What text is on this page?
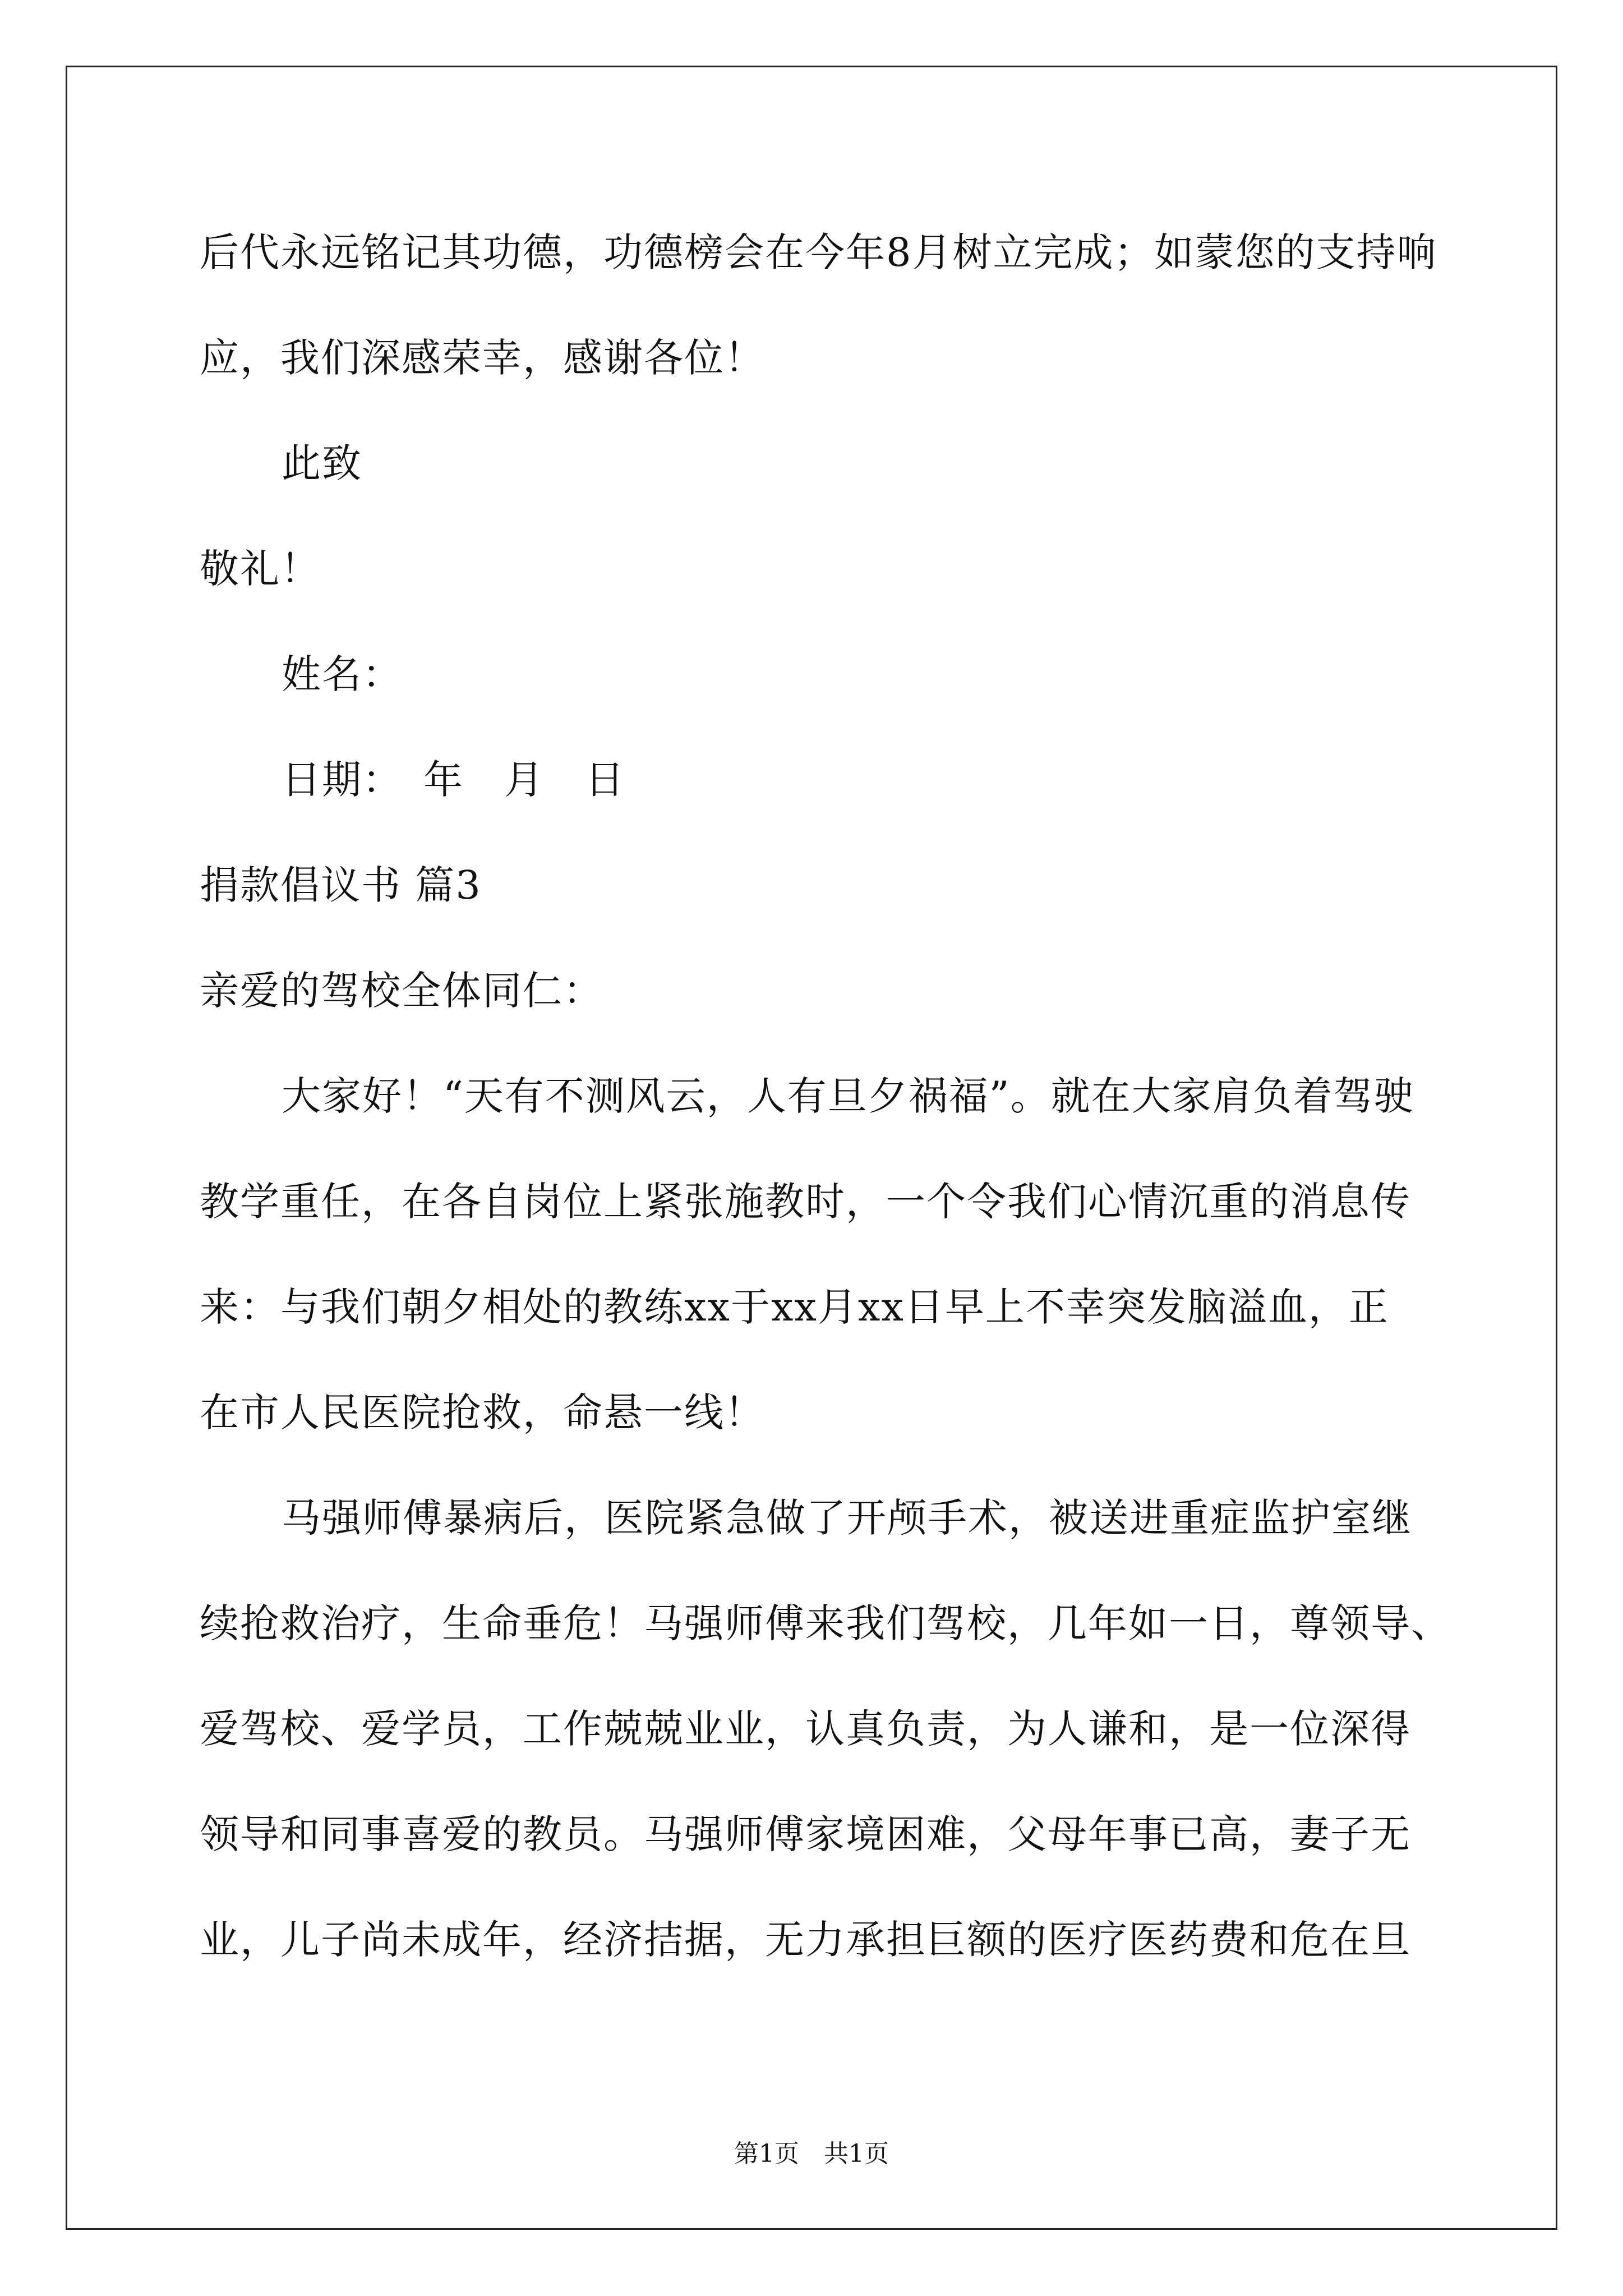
后代永远铭记其功德，功德榜会在今年8月树立完成；如蒙您的支持响
应，我们深感荣幸，感谢各位！
此致
敬礼！
姓名：
日期：　年　月　日
捐款倡议书 篇3
亲爱的驾校全体同仁：
大家好！“天有不测风云，人有旦夕祸福”。就在大家肩负着驾驶
教学重任，在各自岗位上紧张施教时，一个令我们心情沉重的消息传
来：与我们朝夕相处的教练xx于xx月xx日早上不幸突发脑溢血，正
在市人民医院抢救，命悬一线！
马强师傅暴病后，医院紧急做了开颅手术，被送进重症监护室继
续抢救治疗，生命垂危！马强师傅来我们驾校，几年如一日，尊领导、
爱驾校、爱学员，工作兢兢业业，认真负责，为人谦和，是一位深得
领导和同事喜爱的教员。马强师傅家境困难，父母年事已高，妻子无
业，儿子尚未成年，经济拮据，无力承担巨额的医疗医药费和危在旦
第1页　共1页
